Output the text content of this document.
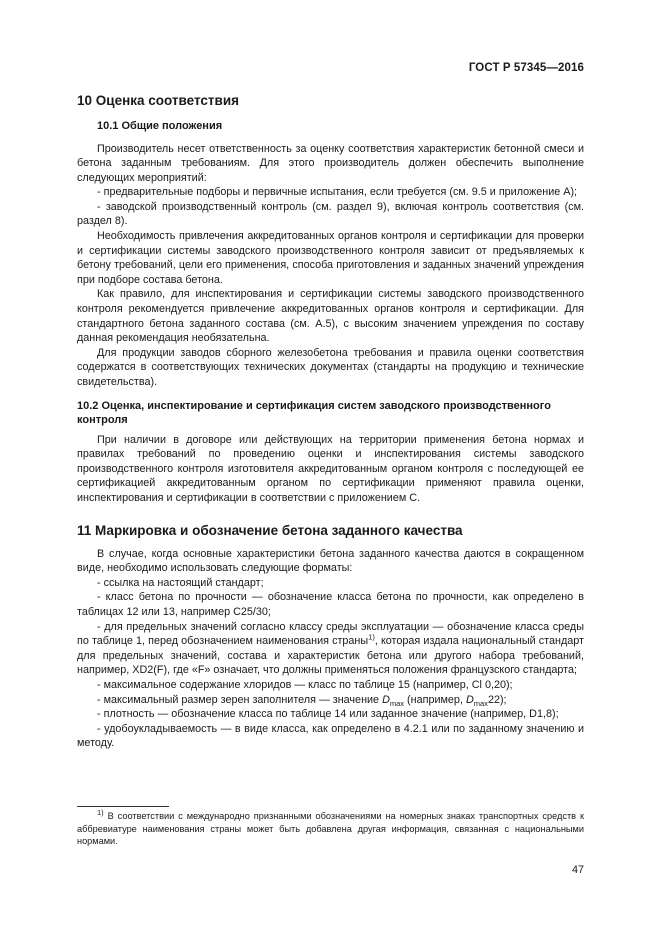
ГОСТ Р 57345—2016
10 Оценка соответствия
10.1 Общие положения

Производитель несет ответственность за оценку соответствия характеристик бетонной смеси и бетона заданным требованиям. Для этого производитель должен обеспечить выполнение следующих мероприятий:

- предварительные подборы и первичные испытания, если требуется (см. 9.5 и приложение А);

- заводской производственный контроль (см. раздел 9), включая контроль соответствия (см. раздел 8).

Необходимость привлечения аккредитованных органов контроля и сертификации для проверки и сертификации системы заводского производственного контроля зависит от предъявляемых к бетону требований, цели его применения, способа приготовления и заданных значений упреждения при подборе состава бетона.

Как правило, для инспектирования и сертификации системы заводского производственного контроля рекомендуется привлечение аккредитованных органов контроля и сертификации. Для стандартного бетона заданного состава (см. А.5), с высоким значением упреждения по составу данная рекомендация необязательна.

Для продукции заводов сборного железобетона требования и правила оценки соответствия содержатся в соответствующих технических документах (стандарты на продукцию и технические свидетельства).

10.2 Оценка, инспектирование и сертификация систем заводского производственного контроля

При наличии в договоре или действующих на территории применения бетона нормах и правилах требований по проведению оценки и инспектирования системы заводского производственного контроля изготовителя аккредитованным органом контроля с последующей ее сертификацией аккредитованным органом по сертификации применяют правила оценки, инспектирования и сертификации в соответствии с приложением С.

11 Маркировка и обозначение бетона заданного качества

В случае, когда основные характеристики бетона заданного качества даются в сокращенном виде, необходимо использовать следующие форматы:

- ссылка на настоящий стандарт;

- класс бетона по прочности — обозначение класса бетона по прочности, как определено в таблицах 12 или 13, например С25/30;

- для предельных значений согласно классу среды эксплуатации — обозначение класса среды по таблице 1, перед обозначением наименования страны$^{1)}$, которая издала национальный стандарт для предельных значений, состава и характеристик бетона или другого набора требований, например, XD2(F), где «F» означает, что должны применяться положения французского стандарта;

- максимальное содержание хлоридов — класс по таблице 15 (например, Cl 0,20);

- максимальный размер зерен заполнителя — значение $D_{max}$ (например, $D_{max}22$);

- плотность — обозначение класса по таблице 14 или заданное значение (например, D1,8);

- удобоукладываемость — в виде класса, как определено в 4.2.1 или по заданному значению и методу.

$^{1)}$ В соответствии с международно признанными обозначениями на номерных знаках транспортных средств к аббревиатуре наименования страны может быть добавлена другая информация, связанная с национальными нормами.

47
